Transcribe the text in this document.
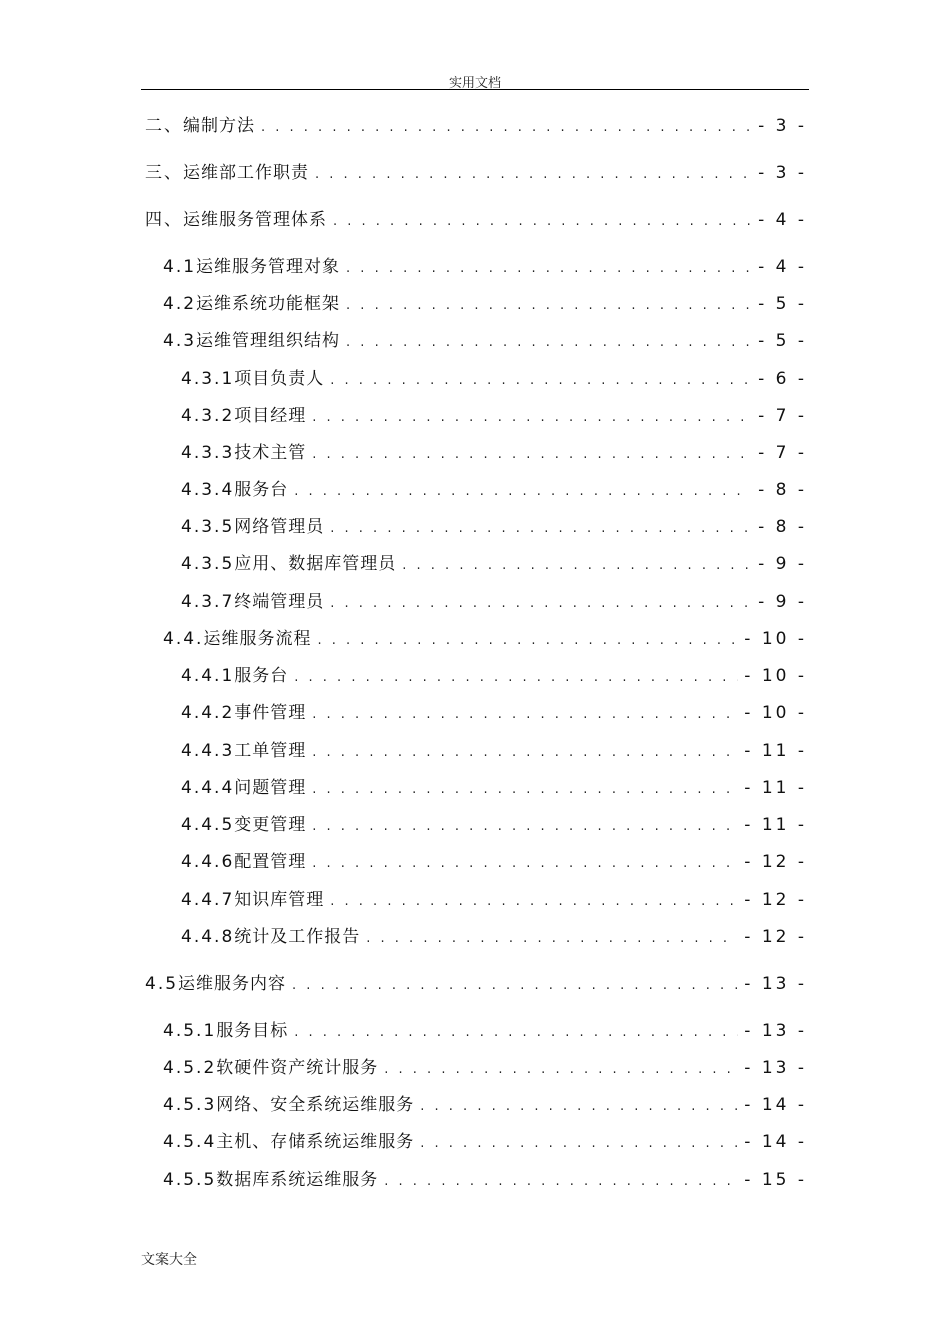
实用文档
二、 编制方法 . . .	- 3 -
三、 运维部工作职责 . . .	- 3 -
四、 运维服务管理体系 . . .	- 4 -
4.1 运维服务管理对象 . . .	- 4 -
4.2 运维系统功能框架 . . .	- 5 -
4.3 运维管理组织结构 . . .	- 5 -
4.3.1 项目负责人 . . .	- 6 -
4.3.2 项目经理 . . .	- 7 -
4.3.3 技术主管 . . .	- 7 -
4.3.4 服务台 . . .	- 8 -
4.3.5 网络管理员 . . .	- 8 -
4.3.5 应用、数据库管理员 . . .	- 9 -
4.3.7 终端管理员 . . .	- 9 -
4.4. 运维服务流程 . . .	- 10 -
4.4.1 服务台 . . .	- 10 -
4.4.2 事件管理 . . .	- 10 -
4.4.3 工单管理 . . .	- 11 -
4.4.4 问题管理 . . .	- 11 -
4.4.5 变更管理 . . .	- 11 -
4.4.6 配置管理 . . .	- 12 -
4.4.7 知识库管理 . . .	- 12 -
4.4.8 统计及工作报告 . . .	- 12 -
4.5 运维服务内容 . . .	- 13 -
4.5.1 服务目标 . . .	- 13 -
4.5.2 软硬件资产统计服务 . . .	- 13 -
4.5.3 网络、安全系统运维服务 . . .	- 14 -
4.5.4 主机、存储系统运维服务 . . .	- 14 -
4.5.5 数据库系统运维服务 . . .	- 15 -
文案大全
